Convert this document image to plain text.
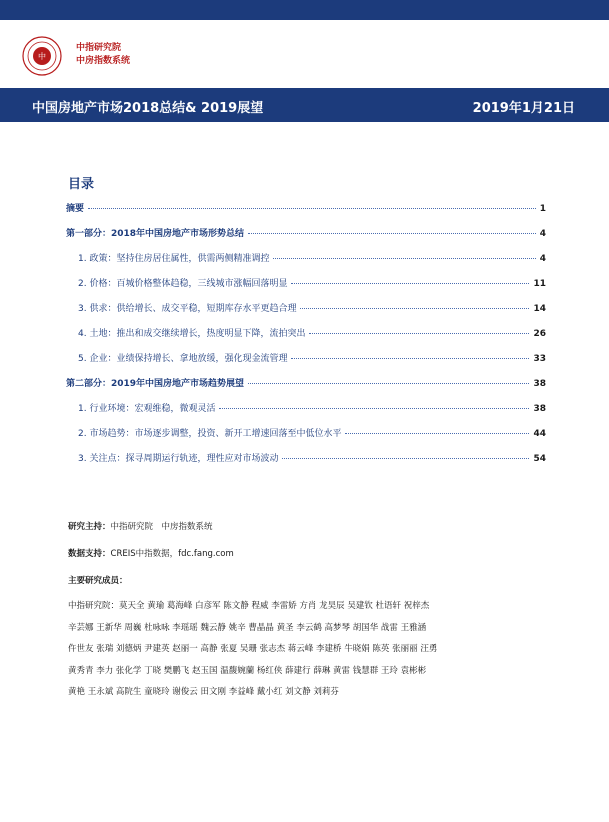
中
中指研究院
中房指数系统
中国房地产市场2018总结& 2019展望	2019年1月21日
目录
摘要	1
第一部分：2018年中国房地产市场形势总结	4
1. 政策：坚持住房居住属性，供需两侧精准调控	4
2. 价格：百城价格整体趋稳，三线城市涨幅回落明显	11
3. 供求：供给增长、成交平稳，短期库存水平更趋合理	14
4. 土地：推出和成交继续增长，热度明显下降，流拍突出	26
5. 企业：业绩保持增长、拿地放缓，强化现金流管理	33
第二部分：2019年中国房地产市场趋势展望	38
1. 行业环境：宏观维稳，微观灵活	38
2. 市场趋势：市场逐步调整，投资、新开工增速回落至中低位水平	44
3. 关注点：探寻周期运行轨迹，理性应对市场波动	54
研究主持：中指研究院　中房指数系统
数据支持：CREIS中指数据，fdc.fang.com
主要研究成员：
中指研究院：莫天全 黄瑜 葛海峰 白彦军 陈文静 程威 李雷娇 方肖 龙昊辰 吴建钦 杜语轩 祝梓杰
辛芸娜 王新华 周巍 杜咏咏 李瑶瑶 魏云静 姚辛 曹晶晶 黄圣 李云鹤 高梦琴 胡国华 战雷 王雅涵
仵世友 张瑞 刘德炳 尹建英 赵丽一 高静 张夏 吴珊 张志杰 蒋云峰 李建桥 牛晓娟 陈英 张丽丽 汪勇
黄秀青 李力 张化学 丁晓 樊鹏飞 赵玉国 温馥婉蘭 杨红侠 薛建行 薛琳 黄雷 钱慧群 王玲 袁彬彬
黄艳 王永斌 高院生 童晓玲 谢俊云 田文刚 李益峰 戴小红 刘文静 刘莉芬
